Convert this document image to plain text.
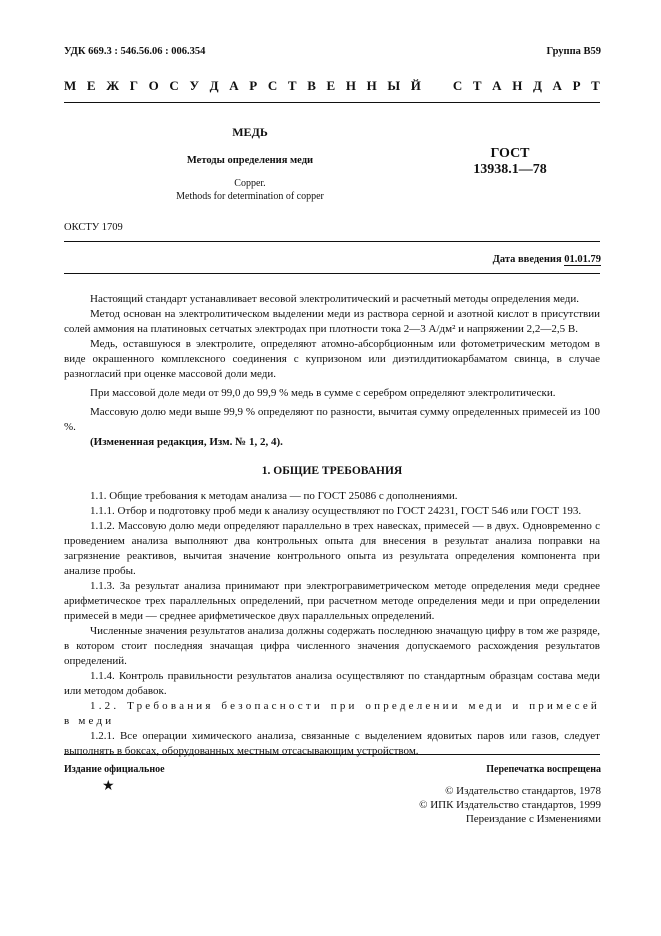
УДК 669.3 : 546.56.06 : 006.354	Группа В59
М Е Ж Г О С У Д А Р С Т В Е Н Н Ы Й С Т А Н Д А Р Т
МЕДЬ
Методы определения меди
Copper.
Methods for determination of copper
ГОСТ
13938.1—78
ОКСТУ 1709
Дата введения 01.01.79

Настоящий стандарт устанавливает весовой электролитический и расчетный методы определения меди.

Метод основан на электролитическом выделении меди из раствора серной и азотной кислот в присутствии солей аммония на платиновых сетчатых электродах при плотности тока 2—3 А/дм² и напряжении 2,2—2,5 В.

Медь, оставшуюся в электролите, определяют атомно-абсорбционным или фотометрическим методом в виде окрашенного комплексного соединения с купризоном или диэтилдитиокарбаматом свинца, в случае разногласий при оценке массовой доли меди.

При массовой доле меди от 99,0 до 99,9 % медь в сумме с серебром определяют электролитически.

Массовую долю меди выше 99,9 % определяют по разности, вычитая сумму определенных примесей из 100 %.

(Измененная редакция, Изм. № 1, 2, 4).

1. ОБЩИЕ ТРЕБОВАНИЯ

1.1. Общие требования к методам анализа — по ГОСТ 25086 с дополнениями.

1.1.1. Отбор и подготовку проб меди к анализу осуществляют по ГОСТ 24231, ГОСТ 546 или ГОСТ 193.

1.1.2. Массовую долю меди определяют параллельно в трех навесках, примесей — в двух. Одновременно с проведением анализа выполняют два контрольных опыта для внесения в результат анализа поправки на загрязнение реактивов, вычитая значение контрольного опыта из результата определения компонента при анализе пробы.

1.1.3. За результат анализа принимают при электрогравиметрическом методе определения меди среднее арифметическое трех параллельных определений, при расчетном методе определения меди и при определении примесей в меди — среднее арифметическое двух параллельных определений.

Численные значения результатов анализа должны содержать последнюю значащую цифру в том же разряде, в котором стоит последняя значащая цифра численного значения допускаемого расхождения результатов определений.

1.1.4. Контроль правильности результатов анализа осуществляют по стандартным образцам состава меди или методом добавок.

1.2. Требования безопасности при определении меди и примесей в меди

1.2.1. Все операции химического анализа, связанные с выделением ядовитых паров или газов, следует выполнять в боксах, оборудованных местным отсасывающим устройством.

Издание официальное
★
Перепечатка воспрещена
© Издательство стандартов, 1978
© ИПК Издательство стандартов, 1999
Переиздание с Изменениями
